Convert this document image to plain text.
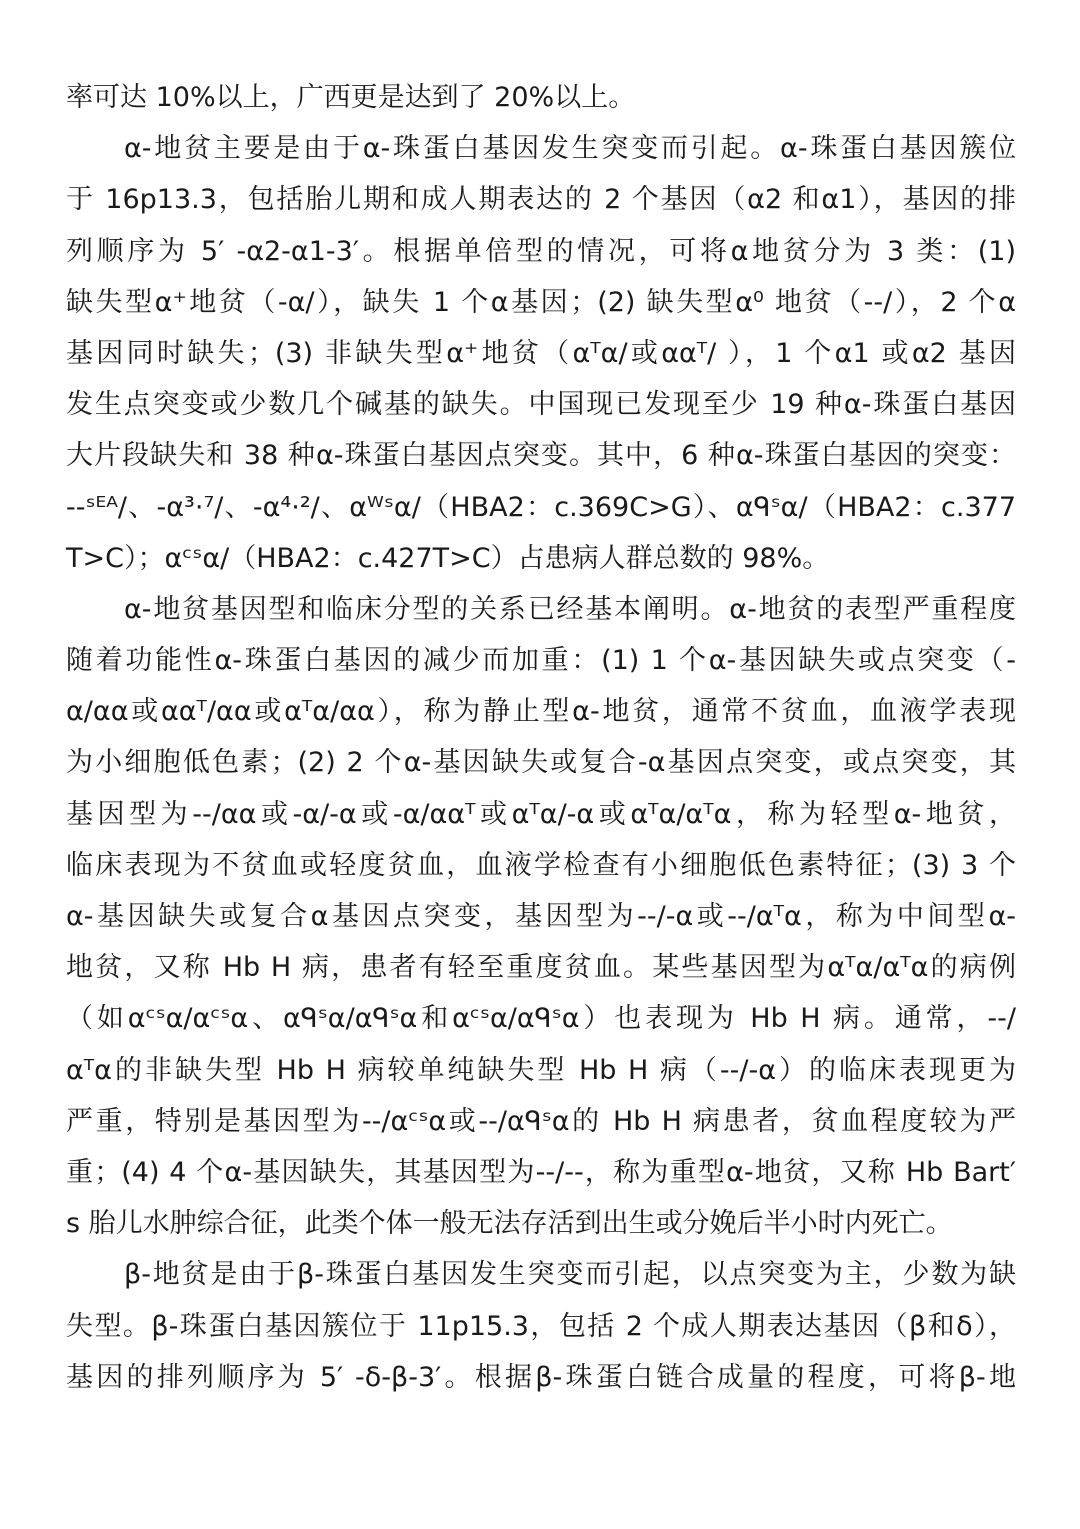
率可达 10%以上，广西更是达到了 20%以上。
α-地贫主要是由于α-珠蛋白基因发生突变而引起。α-珠蛋白基因簇位
于 16p13.3，包括胎儿期和成人期表达的 2 个基因（α2 和α1），基因的排
列顺序为 5′ -α2-α1-3′。根据单倍型的情况，可将α地贫分为 3 类：(1)
缺失型α⁺地贫（-α/），缺失 1 个α基因；(2) 缺失型α⁰ 地贫（--/），2 个α
基因同时缺失；(3) 非缺失型α⁺地贫（αᵀα/或ααᵀ/ ），1 个α1 或α2 基因
发生点突变或少数几个碱基的缺失。中国现已发现至少 19 种α-珠蛋白基因
大片段缺失和 38 种α-珠蛋白基因点突变。其中，6 种α-珠蛋白基因的突变：
--ˢᴱᴬ/、-α³·⁷/、-α⁴·²/、αᵂˢα/（HBA2：c.369C>G）、αᑫˢα/（HBA2：c.377
T>C）；αᶜˢα/（HBA2：c.427T>C）占患病人群总数的 98%。
α-地贫基因型和临床分型的关系已经基本阐明。α-地贫的表型严重程度
随着功能性α-珠蛋白基因的减少而加重：(1) 1 个α-基因缺失或点突变（-
α/αα或ααᵀ/αα或αᵀα/αα），称为静止型α-地贫，通常不贫血，血液学表现
为小细胞低色素；(2) 2 个α-基因缺失或复合-α基因点突变，或点突变，其
基因型为--/αα或-α/-α或-α/ααᵀ或αᵀα/-α或αᵀα/αᵀα，称为轻型α-地贫，
临床表现为不贫血或轻度贫血，血液学检查有小细胞低色素特征；(3) 3 个
α-基因缺失或复合α基因点突变，基因型为--/-α或--/αᵀα，称为中间型α-
地贫，又称 Hb H 病，患者有轻至重度贫血。某些基因型为αᵀα/αᵀα的病例
（如αᶜˢα/αᶜˢα、αᑫˢα/αᑫˢα和αᶜˢα/αᑫˢα）也表现为 Hb H 病。通常，--/
αᵀα的非缺失型 Hb H 病较单纯缺失型 Hb H 病（--/-α）的临床表现更为
严重，特别是基因型为--/αᶜˢα或--/αᑫˢα的 Hb H 病患者，贫血程度较为严
重；(4) 4 个α-基因缺失，其基因型为--/--，称为重型α-地贫，又称 Hb Bart′
s 胎儿水肿综合征，此类个体一般无法存活到出生或分娩后半小时内死亡。
β-地贫是由于β-珠蛋白基因发生突变而引起，以点突变为主，少数为缺
失型。β-珠蛋白基因簇位于 11p15.3，包括 2 个成人期表达基因（β和δ），
基因的排列顺序为 5′ -δ-β-3′。根据β-珠蛋白链合成量的程度，可将β-地
